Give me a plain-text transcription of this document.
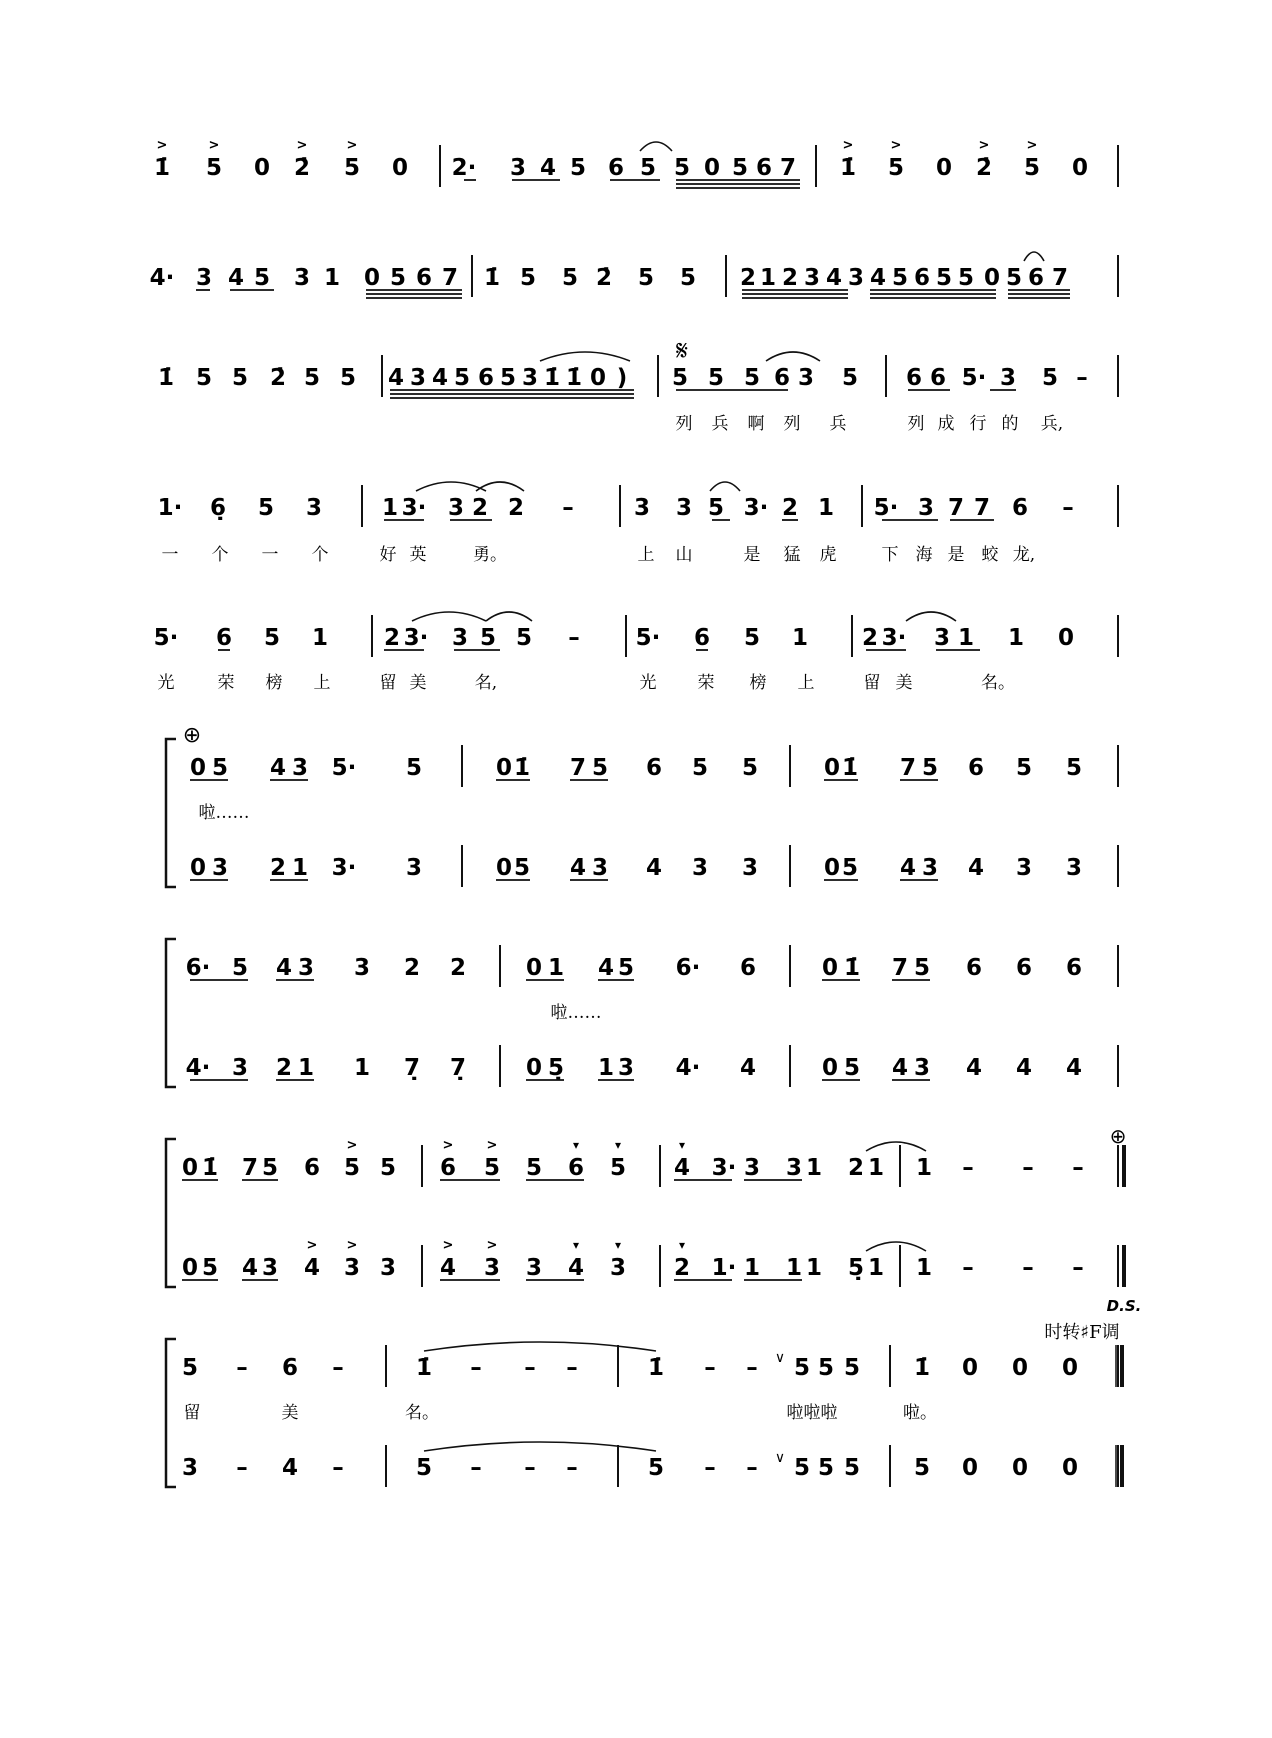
1̇ 5 0 2̇ 5 0 2· 3 4 5 6 5 5 0 5 6 7 1̇ 5 0 2̇ 5 0
4· 3 4 5 3 1 0 5 6 7 1̇ 5 5 2̇ 5 5 2 1 2 3 4 3 4 5 6 5 5 0 5 6 7
1̇ 5 5 2̇ 5 5 4 3 4 5 6 5 3 1̇ 1̇ 0 ) 5 5 5 6 3 5 6 6 5· 3 5 –
1· 6̣ 5 3	1 3· 3 2 2 –	3 3 5 3· 2 1 5· 3 7 7 6 –
5· 6 5 1 2 3· 3 5 5 – 5· 6 5 1 2 3· 3 1 1 0
>	>	>	>	>	>	>	>
列 兵 啊 列 兵	列 成 行 的 兵,
一 个 一 个	好 英	勇。	上 山	是 猛 虎	下 海 是 蛟 龙,
光	荣 榜 上	留 美	名,	光 荣 榜 上	留 美	名。
𝄋
⊕
0 5 4 3 5· 5	0 1̇ 7 5 6 5 5	0 1̇ 7 5 6 5 5
0 3 2 1 3· 3	0 5 4 3 4 3 3	0 5 4 3 4 3 3
6· 5 4 3 3 2 2	0 1 4 5 6· 6	0 1̇ 7 5 6 6 6
4· 3 2 1 1 7̣ 7̣	0 5̣ 1 3 4· 4	0 5 4 3 4 4 4
0 1̇ 7 5 6 5 5 6 5 5 6 5 4 3· 3 3 1 2 1 1 – – –
0 5 4 3 4 3 3 4 3 3 4 3 2 1· 1 1 1 5̣ 1 1 – – –
5 – 6 –	1̇ – – –	1̇ – – 5 5 5 1̇ 0 0 0
3 – 4 –	5 – – –	5 – – 5 5 5 5 0 0 0
啦……
啦……
留	美	名。	啦啦啦	啦。
>	>
>	>
>
> >
▾	▾	▾
▾	▾	▾
⊕
D.S.
时转♯F调
∨
∨
